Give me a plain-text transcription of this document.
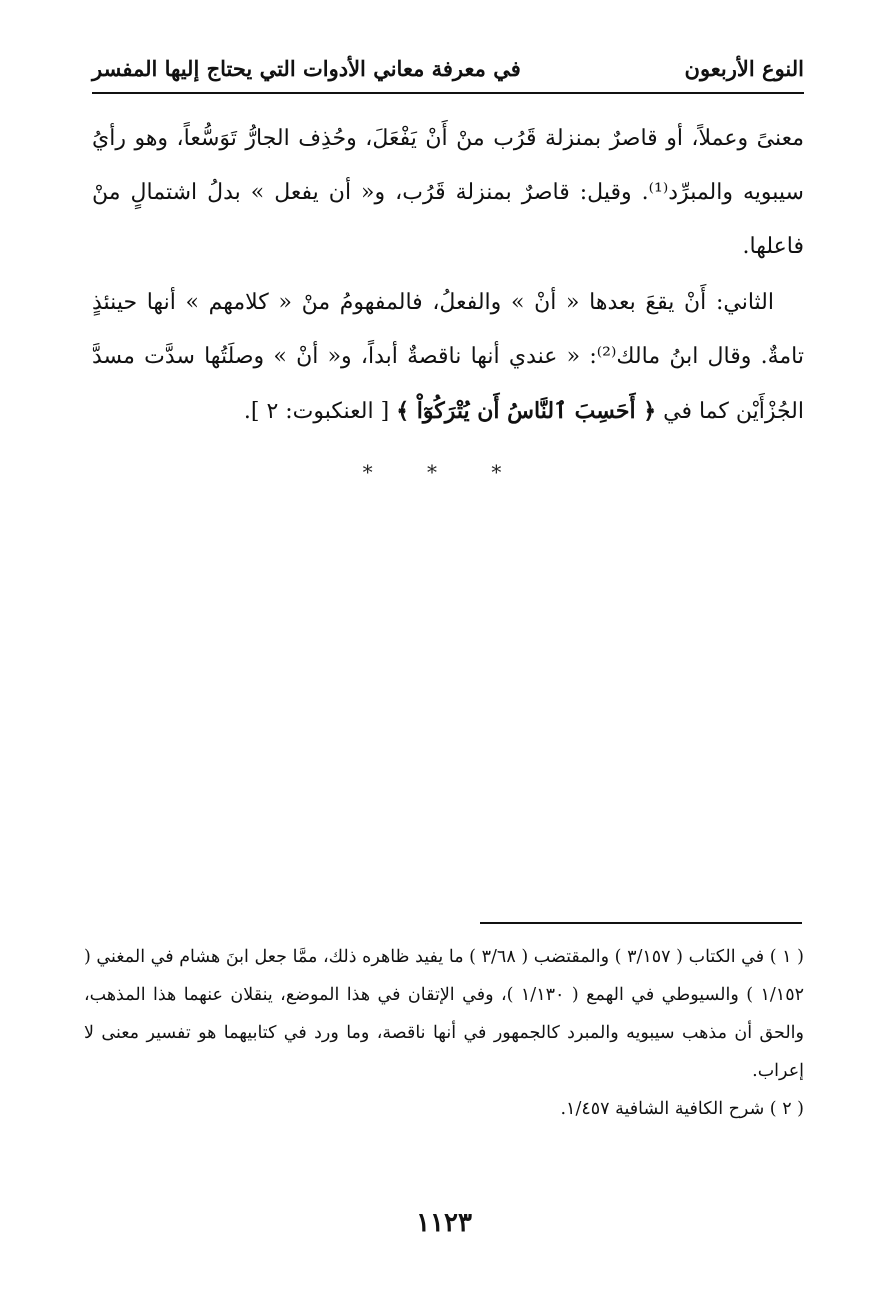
النوع الأربعون
في معرفة معاني الأدوات التي يحتاج إليها المفسر

معنىً وعملاً، أو قاصرٌ بمنزلة قَرُب منْ أَنْ يَفْعَلَ، وحُذِف الجارُّ تَوَسُّعاً، وهو رأيُ سيبويه والمبرِّد⁽¹⁾. وقيل: قاصرٌ بمنزلة قَرُب، و« أن يفعل » بدلُ اشتمالٍ منْ فاعلها.

الثاني: أَنْ يقعَ بعدها « أنْ » والفعلُ، فالمفهومُ منْ « كلامهم » أنها حينئذٍ تامةٌ. وقال ابنُ مالك⁽²⁾: « عندي أنها ناقصةٌ أبداً، و« أنْ » وصلَتُها سدَّت مسدَّ الجُزْأَيْن كما في ﴿ أَحَسِبَ ٱلنَّاسُ أَن يُتْرَكُوٓاْ ﴾ [ العنكبوت: ٢ ].

* * *

( ١ ) في الكتاب ( ٣/١٥٧ ) والمقتضب ( ٣/٦٨ ) ما يفيد ظاهره ذلك، ممَّا جعل ابنَ هشام في المغني ( ١/١٥٢ ) والسيوطي في الهمع ( ١/١٣٠ )، وفي الإتقان في هذا الموضع، ينقلان عنهما هذا المذهب، والحق أن مذهب سيبويه والمبرد كالجمهور في أنها ناقصة، وما ورد في كتابيهما هو تفسير معنى لا إعراب.

( ٢ ) شرح الكافية الشافية ١/٤٥٧.

١١٢٣
